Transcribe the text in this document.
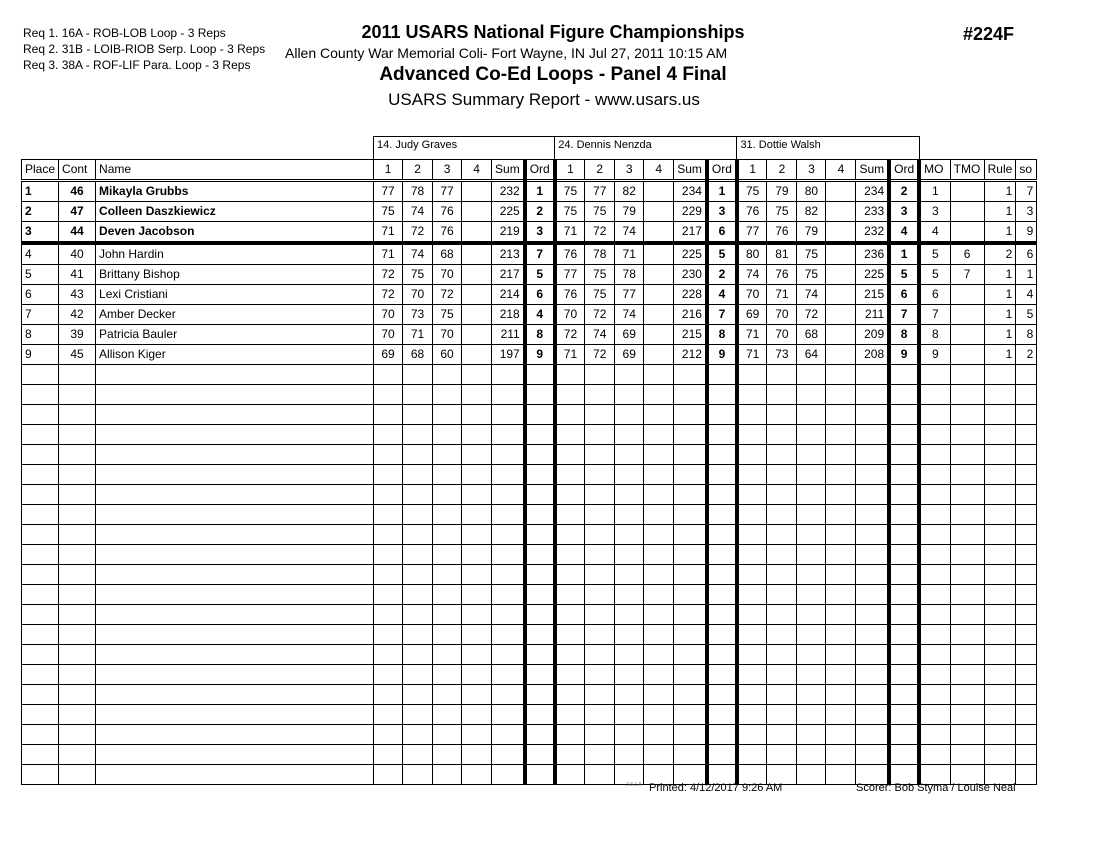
Req 1. 16A - ROB-LOB Loop - 3 Reps
Req 2. 31B - LOIB-RIOB Serp. Loop - 3 Reps
Req 3. 38A - ROF-LIF Para. Loop - 3 Reps
2011 USARS National Figure Championships
Allen County War Memorial Coli- Fort Wayne, IN Jul 27, 2011 10:15 AM
Advanced Co-Ed Loops - Panel 4 Final
USARS Summary Report - www.usars.us
#224F
			14. Judy Graves						24. Dennis Nenzda						31. Dottie Walsh									
Place	Cont	Name	1	2	3	4	Sum	Ord	1	2	3	4	Sum	Ord	1	2	3	4	Sum	Ord	MO	TMO	Rule	so
1	46	Mikayla Grubbs	77	78	77		232	1	75	77	82		234	1	75	79	80		234	2	1		1	7
2	47	Colleen Daszkiewicz	75	74	76		225	2	75	75	79		229	3	76	75	82		233	3	3		1	3
3	44	Deven Jacobson	71	72	76		219	3	71	72	74		217	6	77	76	79		232	4	4		1	9
4	40	John Hardin	71	74	68		213	7	76	78	71		225	5	80	81	75		236	1	5	6	2	6
5	41	Brittany Bishop	72	75	70		217	5	77	75	78		230	2	74	76	75		225	5	5	7	1	1
6	43	Lexi Cristiani	72	70	72		214	6	76	75	77		228	4	70	71	74		215	6	6		1	4
7	42	Amber Decker	70	73	75		218	4	70	72	74		216	7	69	70	72		211	7	7		1	5
8	39	Patricia Bauler	70	71	70		211	8	72	74	69		215	8	71	70	68		209	8	8		1	8
9	45	Allison Kiger	69	68	60		197	9	71	72	69		212	9	71	73	64		208	9	9		1	2

3.8.1.8 Printed: 4/12/2017 9:26 AM	Scorer: Bob Styma / Louise Neal
